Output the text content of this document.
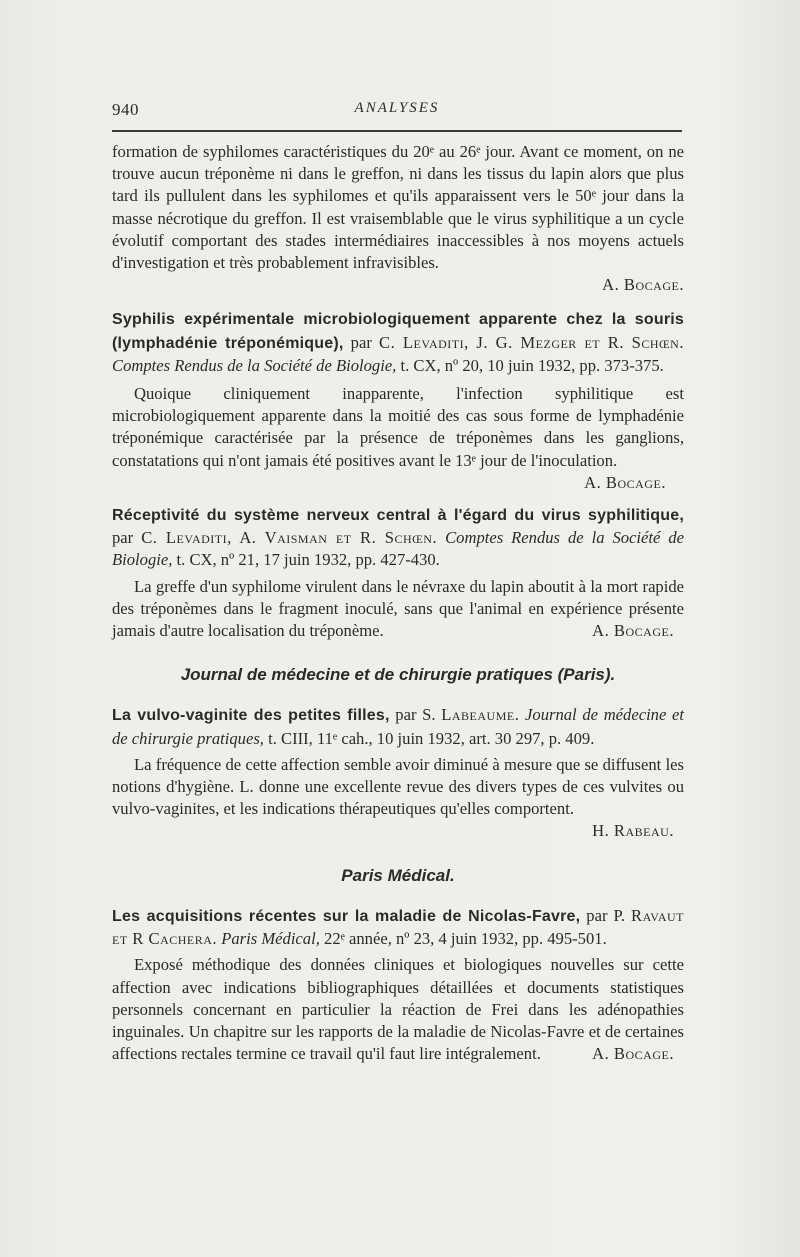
940	ANALYSES
formation de syphilomes caractéristiques du 20ᵉ au 26ᵉ jour. Avant ce moment, on ne trouve aucun tréponème ni dans le greffon, ni dans les tissus du lapin alors que plus tard ils pullulent dans les syphilomes et qu'ils apparaissent vers le 50ᵉ jour dans la masse nécrotique du greffon. Il est vraisemblable que le virus syphilitique a un cycle évolutif comportant des stades intermédiaires inaccessibles à nos moyens actuels d'investigation et très probablement infravisibles.
A. Bocage.
Syphilis expérimentale microbiologiquement apparente chez la souris (lymphadénie tréponémique), par C. Levaditi, J. G. Mezger et R. Schœn. Comptes Rendus de la Société de Biologie, t. CX, nº 20, 10 juin 1932, pp. 373-375.
Quoique cliniquement inapparente, l'infection syphilitique est microbiologiquement apparente dans la moitié des cas sous forme de lymphadénie tréponémique caractérisée par la présence de tréponèmes dans les ganglions, constatations qui n'ont jamais été positives avant le 13ᵉ jour de l'inoculation.
A. Bocage.
Réceptivité du système nerveux central à l'égard du virus syphilitique, par C. Levaditi, A. Vaisman et R. Schœn. Comptes Rendus de la Société de Biologie, t. CX, nº 21, 17 juin 1932, pp. 427-430.
La greffe d'un syphilome virulent dans le névraxe du lapin aboutit à la mort rapide des tréponèmes dans le fragment inoculé, sans que l'animal en expérience présente jamais d'autre localisation du tréponème.	A. Bocage.
Journal de médecine et de chirurgie pratiques (Paris).
La vulvo-vaginite des petites filles, par S. Labeaume. Journal de médecine et de chirurgie pratiques, t. CIII, 11ᵉ cah., 10 juin 1932, art. 30 297, p. 409.
La fréquence de cette affection semble avoir diminué à mesure que se diffusent les notions d'hygiène. L. donne une excellente revue des divers types de ces vulvites ou vulvo-vaginites, et les indications thérapeutiques qu'elles comportent.
H. Rabeau.
Paris Médical.
Les acquisitions récentes sur la maladie de Nicolas-Favre, par P. Ravaut et R Cachera. Paris Médical, 22ᵉ année, nº 23, 4 juin 1932, pp. 495-501.
Exposé méthodique des données cliniques et biologiques nouvelles sur cette affection avec indications bibliographiques détaillées et documents statistiques personnels concernant en particulier la réaction de Frei dans les adénopathies inguinales. Un chapitre sur les rapports de la maladie de Nicolas-Favre et de certaines affections rectales termine ce travail qu'il faut lire intégralement.	A. Bocage.
